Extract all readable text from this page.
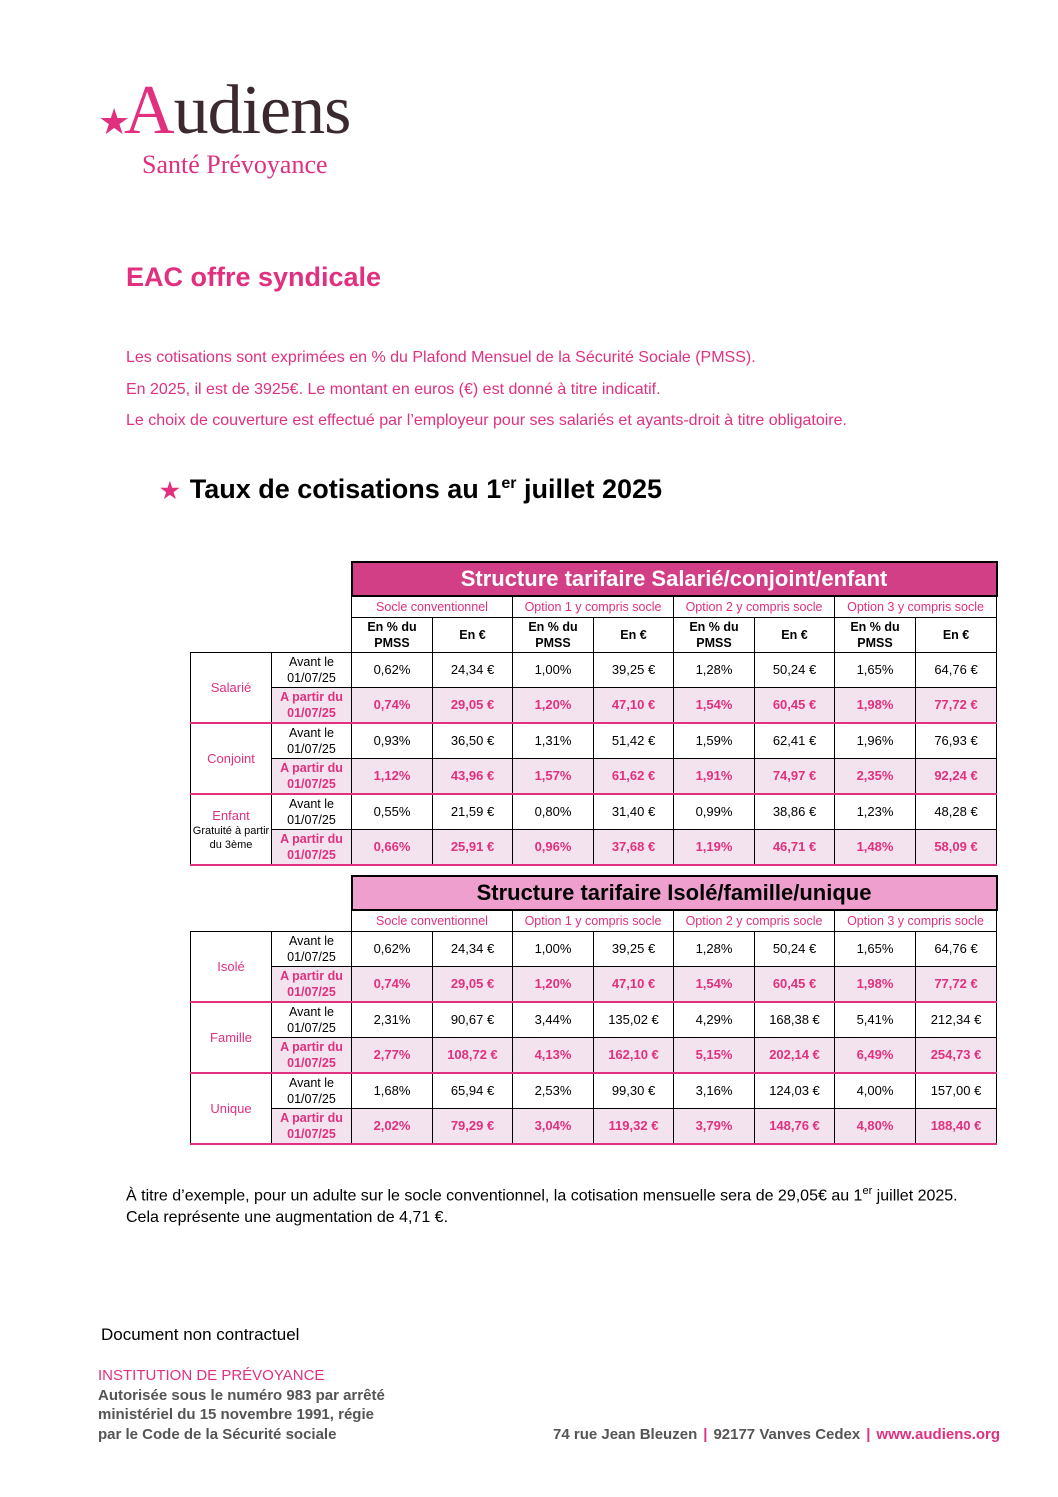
★
Audiens
Santé Prévoyance
EAC offre syndicale
Les cotisations sont exprimées en % du Plafond Mensuel de la Sécurité Sociale (PMSS).
En 2025, il est de 3925€. Le montant en euros (€) est donné à titre indicatif.
Le choix de couverture est effectué par l’employeur pour ses salariés et ayants-droit à titre obligatoire.
★ Taux de cotisations au 1er juillet 2025
		Structure tarifaire Salarié/conjoint/enfant							
		Socle conventionnel		Option 1 y compris socle		Option 2 y compris socle		Option 3 y compris socle	
		En % du PMSS	En €	En % du PMSS	En €	En % du PMSS	En €	En % du PMSS	En €
Salarié	Avant le 01/07/25	0,62%	24,34 €	1,00%	39,25 €	1,28%	50,24 €	1,65%	64,76 €
	A partir du 01/07/25	0,74%	29,05 €	1,20%	47,10 €	1,54%	60,45 €	1,98%	77,72 €
Conjoint	Avant le 01/07/25	0,93%	36,50 €	1,31%	51,42 €	1,59%	62,41 €	1,96%	76,93 €
	A partir du 01/07/25	1,12%	43,96 €	1,57%	61,62 €	1,91%	74,97 €	2,35%	92,24 €
Enfant
Gratuité à partir du 3ème	Avant le 01/07/25	0,55%	21,59 €	0,80%	31,40 €	0,99%	38,86 €	1,23%	48,28 €
	A partir du 01/07/25	0,66%	25,91 €	0,96%	37,68 €	1,19%	46,71 €	1,48%	58,09 €
		Structure tarifaire Isolé/famille/unique							
		Socle conventionnel		Option 1 y compris socle		Option 2 y compris socle		Option 3 y compris socle	
Isolé	Avant le 01/07/25	0,62%	24,34 €	1,00%	39,25 €	1,28%	50,24 €	1,65%	64,76 €
	A partir du 01/07/25	0,74%	29,05 €	1,20%	47,10 €	1,54%	60,45 €	1,98%	77,72 €
Famille	Avant le 01/07/25	2,31%	90,67 €	3,44%	135,02 €	4,29%	168,38 €	5,41%	212,34 €
	A partir du 01/07/25	2,77%	108,72 €	4,13%	162,10 €	5,15%	202,14 €	6,49%	254,73 €
Unique	Avant le 01/07/25	1,68%	65,94 €	2,53%	99,30 €	3,16%	124,03 €	4,00%	157,00 €
	A partir du 01/07/25	2,02%	79,29 €	3,04%	119,32 €	3,79%	148,76 €	4,80%	188,40 €
À titre d’exemple, pour un adulte sur le socle conventionnel, la cotisation mensuelle sera de 29,05€ au 1er juillet 2025. Cela représente une augmentation de 4,71 €.
Document non contractuel
INSTITUTION DE PRÉVOYANCE
Autorisée sous le numéro 983 par arrêté
ministériel du 15 novembre 1991, régie
par le Code de la Sécurité sociale	74 rue Jean Bleuzen | 92177 Vanves Cedex | www.audiens.org
